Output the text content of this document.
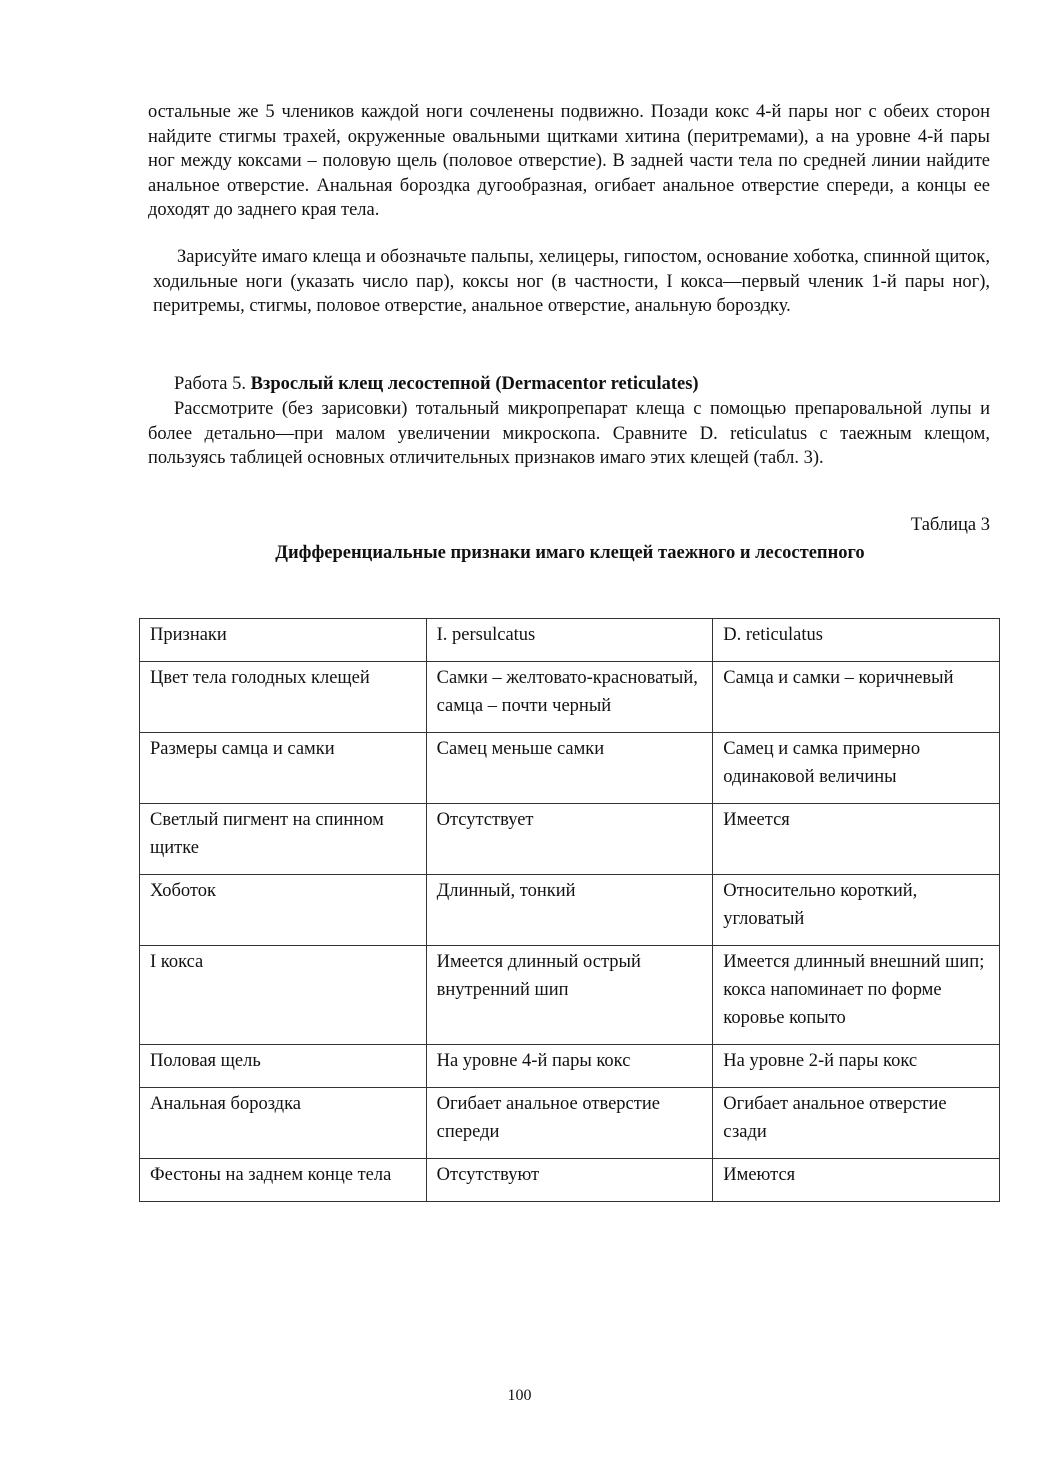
остальные же 5 члеников каждой ноги сочленены подвижно. Позади кокс 4-й пары ног с обеих сторон найдите стигмы трахей, окруженные овальными щитками хитина (перитремами), а на уровне 4-й пары ног между коксами – половую щель (половое отверстие). В задней части тела по средней линии найдите анальное отверстие. Анальная бороздка дугообразная, огибает анальное отверстие спереди, а концы ее доходят до заднего края тела.

Зарисуйте имаго клеща и обозначьте пальпы, хелицеры, гипостом, основание хоботка, спинной щиток, ходильные ноги (указать число пар), коксы ног (в частности, I кокса—первый членик 1-й пары ног), перитремы, стигмы, половое отверстие, анальное отверстие, анальную бороздку.

Работа 5. Взрослый клещ лесостепной (Dermacentor reticulates)

Рассмотрите (без зарисовки) тотальный микропрепарат клеща с помощью препаровальной лупы и более детально—при малом увеличении микроскопа. Сравните D. reticulatus с таежным клещом, пользуясь таблицей основных отличительных признаков имаго этих клещей (табл. 3).

Таблица 3

Дифференциальные признаки имаго клещей таежного и лесостепного

Признаки	I. persulcatus	D. reticulatus
Цвет тела голодных клещей	Самки – желтовато-красноватый, самца – почти черный	Самца и самки – коричневый
Размеры самца и самки	Самец меньше самки	Самец и самка примерно одинаковой величины
Светлый пигмент на спинном щитке	Отсутствует	Имеется
Хоботок	Длинный, тонкий	Относительно короткий, угловатый
I кокса	Имеется длинный острый внутренний шип	Имеется длинный внешний шип; кокса напоминает по форме коровье копыто
Половая щель	На уровне 4-й пары кокс	На уровне 2-й пары кокс
Анальная бороздка	Огибает анальное отверстие спереди	Огибает анальное отверстие сзади
Фестоны на заднем конце тела	Отсутствуют	Имеются

100
